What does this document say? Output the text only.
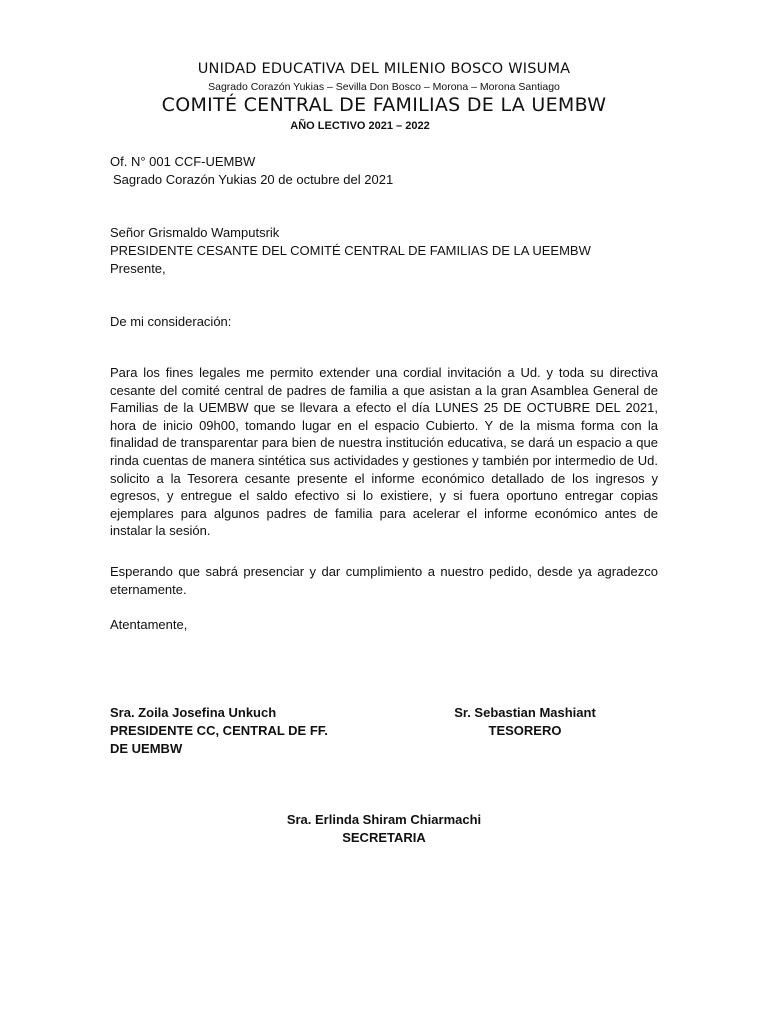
UNIDAD EDUCATIVA DEL MILENIO BOSCO WISUMA
Sagrado Corazón Yukias – Sevilla Don Bosco – Morona – Morona Santiago
COMITÉ CENTRAL DE FAMILIAS DE LA UEMBW
AÑO LECTIVO 2021 – 2022
Of. N° 001 CCF-UEMBW
Sagrado Corazón Yukias 20 de octubre del 2021
Señor Grismaldo Wamputsrik
PRESIDENTE CESANTE DEL COMITÉ CENTRAL DE FAMILIAS DE LA UEEMBW
Presente,
De mi consideración:
Para los fines legales me permito extender una cordial invitación a Ud. y toda su directiva cesante del comité central de padres de familia a que asistan a la gran Asamblea General de Familias de la UEMBW que se llevara a efecto el día LUNES 25 DE OCTUBRE DEL 2021, hora de inicio 09h00, tomando lugar en el espacio Cubierto. Y de la misma forma con la finalidad de transparentar para bien de nuestra institución educativa, se dará un espacio a que rinda cuentas de manera sintética sus actividades y gestiones y también por intermedio de Ud. solicito a la Tesorera cesante presente el informe económico detallado de los ingresos y egresos, y entregue el saldo efectivo si lo existiere, y si fuera oportuno entregar copias ejemplares para algunos padres de familia para acelerar el informe económico antes de instalar la sesión.
Esperando que sabrá presenciar y dar cumplimiento a nuestro pedido, desde ya agradezco eternamente.
Atentamente,
Sra. Zoila Josefina Unkuch
PRESIDENTE CC, CENTRAL DE FF.
DE UEMBW
Sr. Sebastian Mashiant
TESORERO
Sra. Erlinda Shiram Chiarmachi
SECRETARIA
